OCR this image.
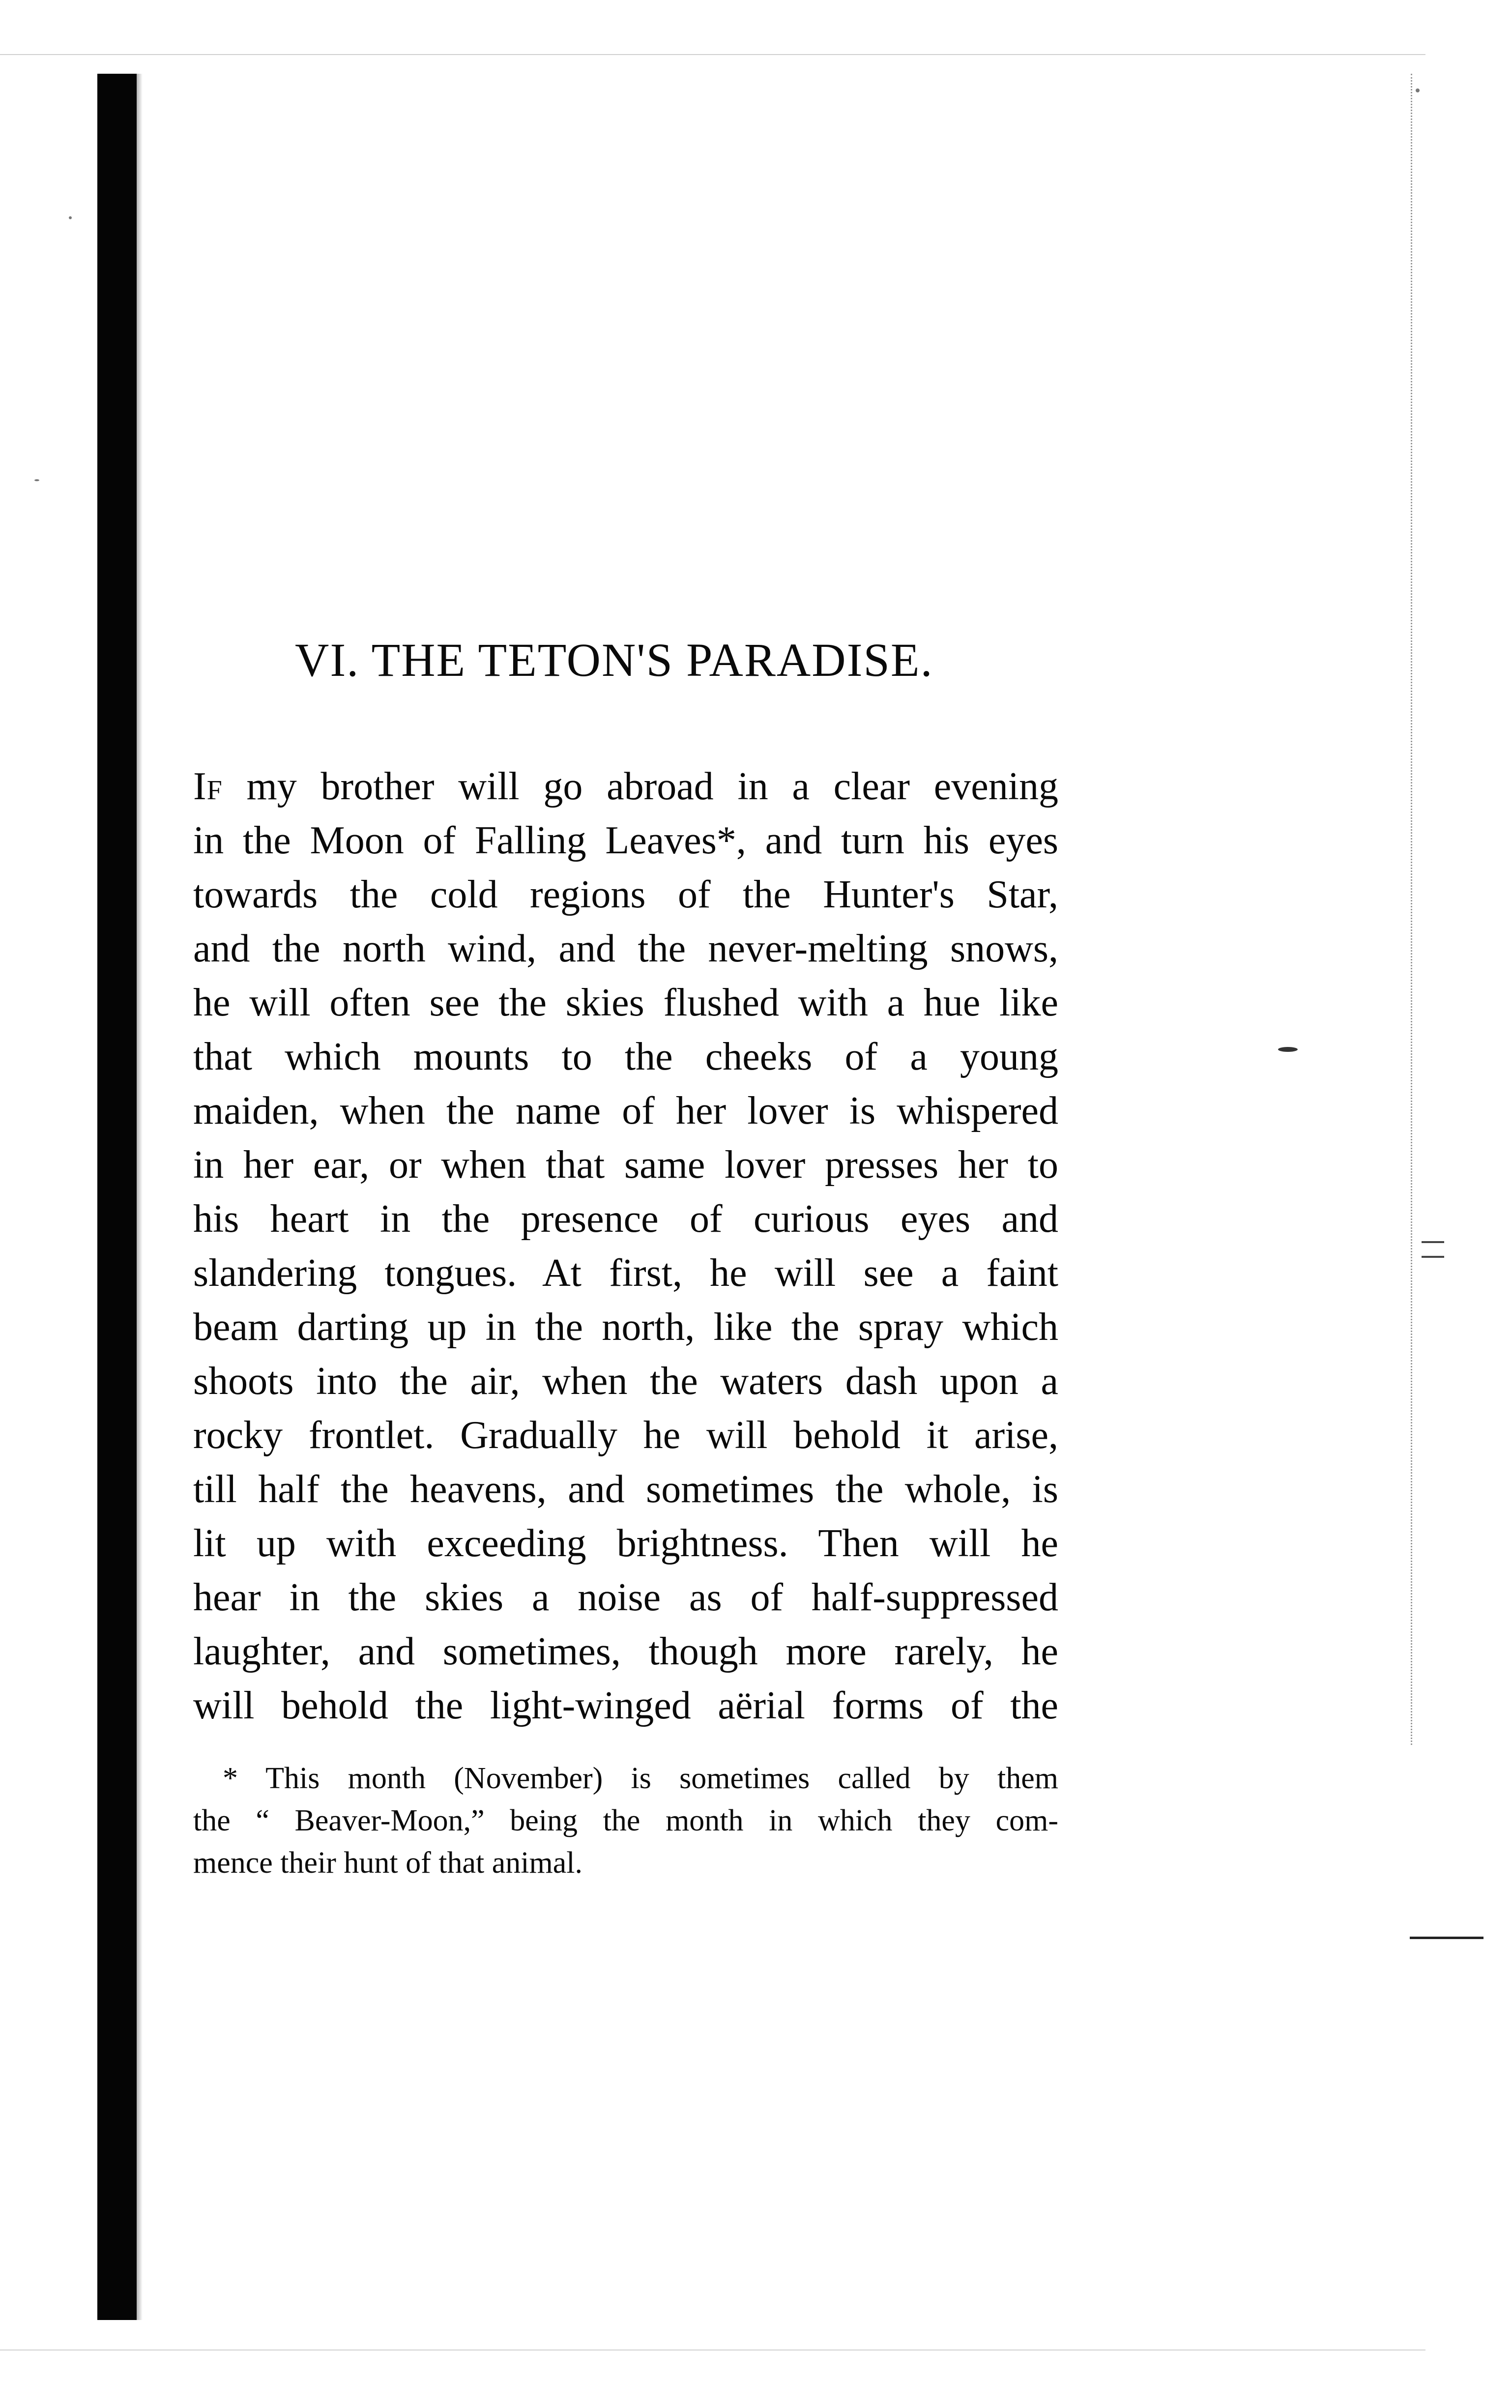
VI. THE TETON'S PARADISE.
If my brother will go abroad in a clear evening
in the Moon of Falling Leaves*, and turn his eyes
towards the cold regions of the Hunter's Star,
and the north wind, and the never-melting snows,
he will often see the skies flushed with a hue like
that which mounts to the cheeks of a young
maiden, when the name of her lover is whispered
in her ear, or when that same lover presses her to
his heart in the presence of curious eyes and
slandering tongues. At first, he will see a faint
beam darting up in the north, like the spray which
shoots into the air, when the waters dash upon a
rocky frontlet. Gradually he will behold it arise,
till half the heavens, and sometimes the whole, is
lit up with exceeding brightness. Then will he
hear in the skies a noise as of half-suppressed
laughter, and sometimes, though more rarely, he
will behold the light-winged aërial forms of the
* This month (November) is sometimes called by them
the “ Beaver-Moon,” being the month in which they com-
mence their hunt of that animal.
